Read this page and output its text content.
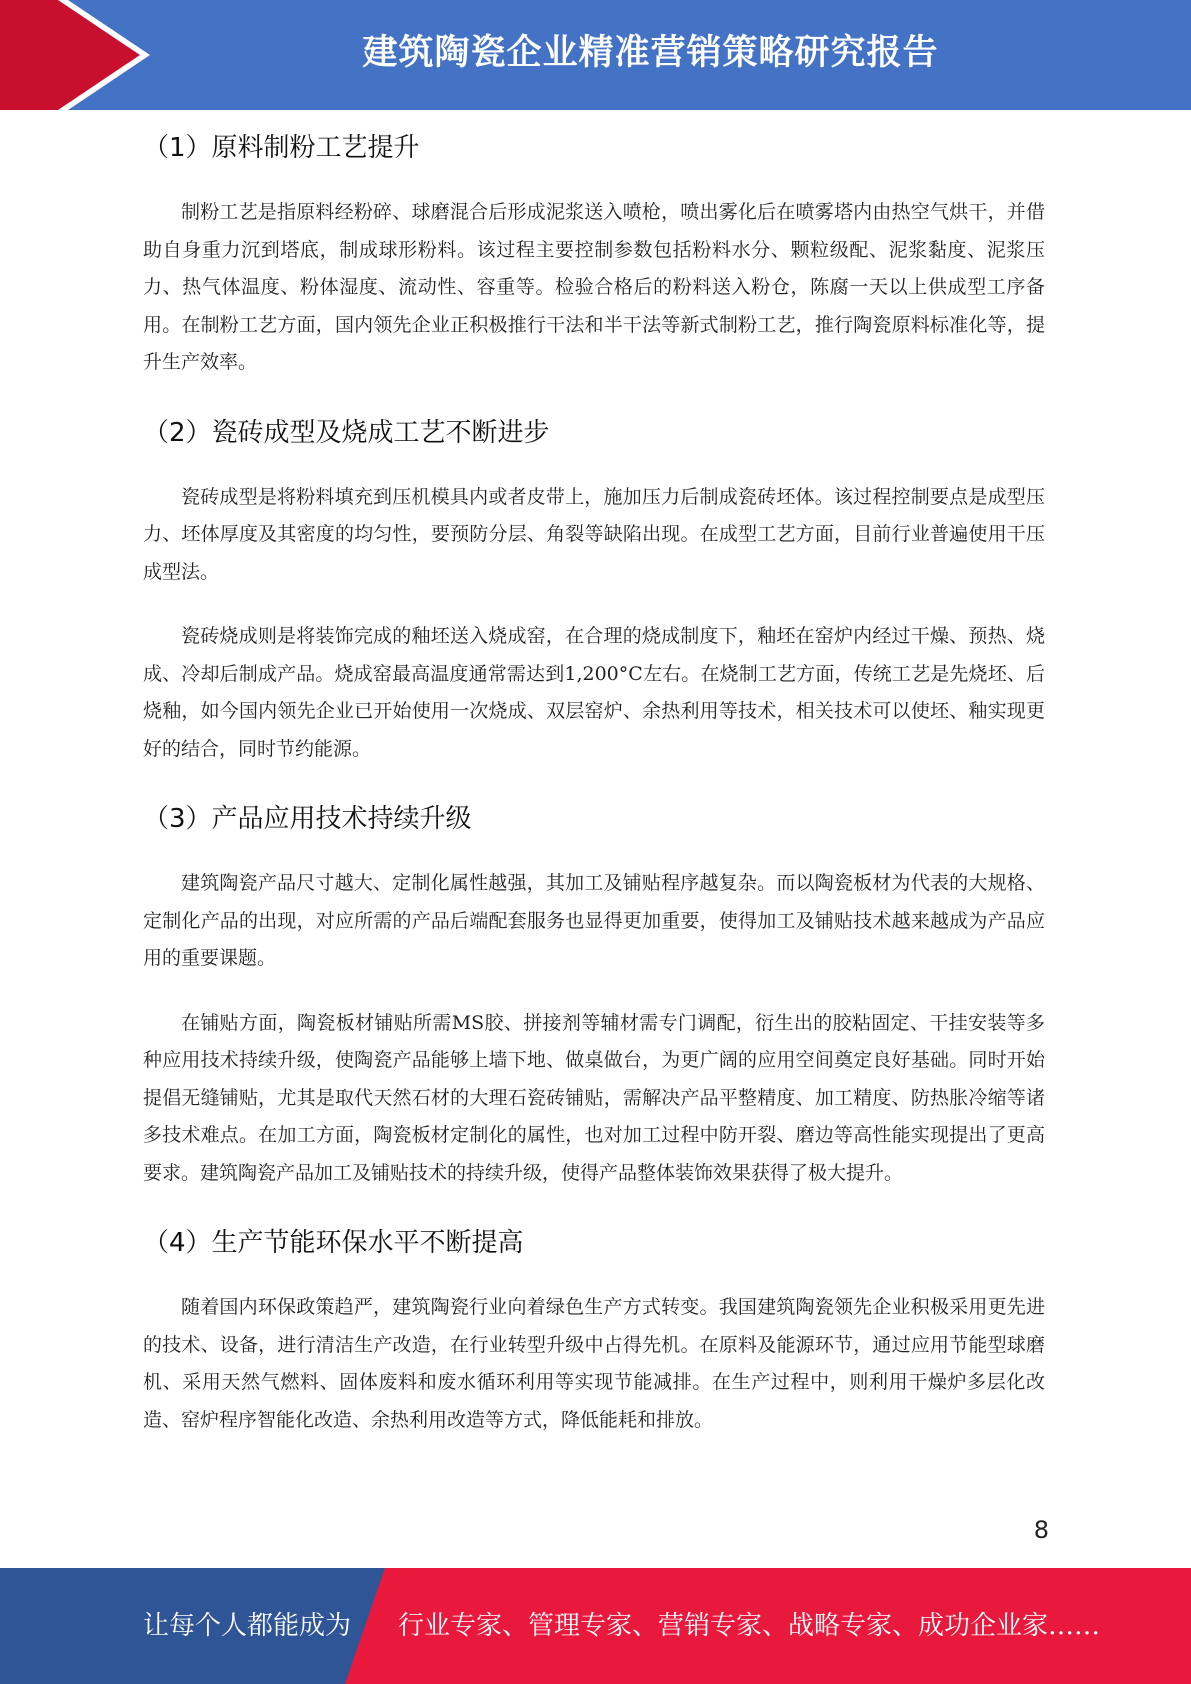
建筑陶瓷企业精准营销策略研究报告
（1）原料制粉工艺提升

制粉工艺是指原料经粉碎、球磨混合后形成泥浆送入喷枪，喷出雾化后在喷雾塔内由热空气烘干，并借助自身重力沉到塔底，制成球形粉料。该过程主要控制参数包括粉料水分、颗粒级配、泥浆黏度、泥浆压力、热气体温度、粉体湿度、流动性、容重等。检验合格后的粉料送入粉仓，陈腐一天以上供成型工序备用。在制粉工艺方面，国内领先企业正积极推行干法和半干法等新式制粉工艺，推行陶瓷原料标准化等，提升生产效率。

（2）瓷砖成型及烧成工艺不断进步

瓷砖成型是将粉料填充到压机模具内或者皮带上，施加压力后制成瓷砖坯体。该过程控制要点是成型压力、坯体厚度及其密度的均匀性，要预防分层、角裂等缺陷出现。在成型工艺方面，目前行业普遍使用干压成型法。

瓷砖烧成则是将装饰完成的釉坯送入烧成窑，在合理的烧成制度下，釉坯在窑炉内经过干燥、预热、烧成、冷却后制成产品。烧成窑最高温度通常需达到1,200°C左右。在烧制工艺方面，传统工艺是先烧坯、后烧釉，如今国内领先企业已开始使用一次烧成、双层窑炉、余热利用等技术，相关技术可以使坯、釉实现更好的结合，同时节约能源。

（3）产品应用技术持续升级

建筑陶瓷产品尺寸越大、定制化属性越强，其加工及铺贴程序越复杂。而以陶瓷板材为代表的大规格、定制化产品的出现，对应所需的产品后端配套服务也显得更加重要，使得加工及铺贴技术越来越成为产品应用的重要课题。

在铺贴方面，陶瓷板材铺贴所需MS胶、拼接剂等辅材需专门调配，衍生出的胶粘固定、干挂安装等多种应用技术持续升级，使陶瓷产品能够上墙下地、做桌做台，为更广阔的应用空间奠定良好基础。同时开始提倡无缝铺贴，尤其是取代天然石材的大理石瓷砖铺贴，需解决产品平整精度、加工精度、防热胀冷缩等诸多技术难点。在加工方面，陶瓷板材定制化的属性，也对加工过程中防开裂、磨边等高性能实现提出了更高要求。建筑陶瓷产品加工及铺贴技术的持续升级，使得产品整体装饰效果获得了极大提升。

（4）生产节能环保水平不断提高

随着国内环保政策趋严，建筑陶瓷行业向着绿色生产方式转变。我国建筑陶瓷领先企业积极采用更先进的技术、设备，进行清洁生产改造，在行业转型升级中占得先机。在原料及能源环节，通过应用节能型球磨机、采用天然气燃料、固体废料和废水循环利用等实现节能减排。在生产过程中，则利用干燥炉多层化改造、窑炉程序智能化改造、余热利用改造等方式，降低能耗和排放。

8
让每个人都能成为 行业专家、管理专家、营销专家、战略专家、成功企业家……
